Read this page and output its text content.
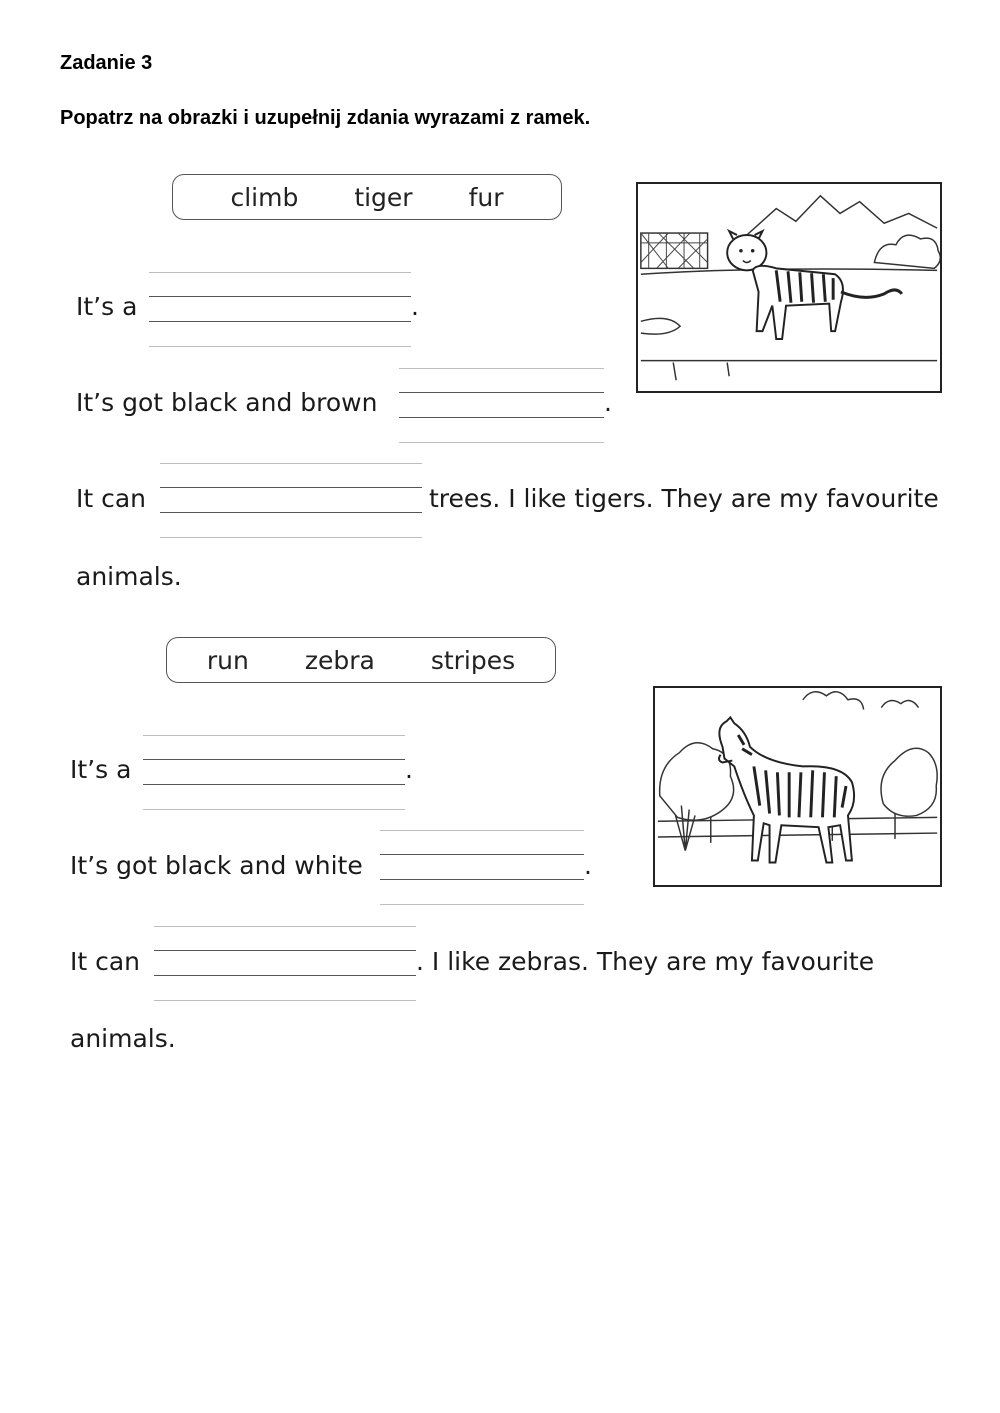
Zadanie 3
Popatrz na obrazki i uzupełnij zdania wyrazami z ramek.
climb tiger fur
It’s a	.
It’s got black and brown	.
It can	trees. I like tigers. They are my favourite
animals.
run zebra stripes
It’s a	.
It’s got black and white	.
It can	. I like zebras. They are my favourite
animals.
